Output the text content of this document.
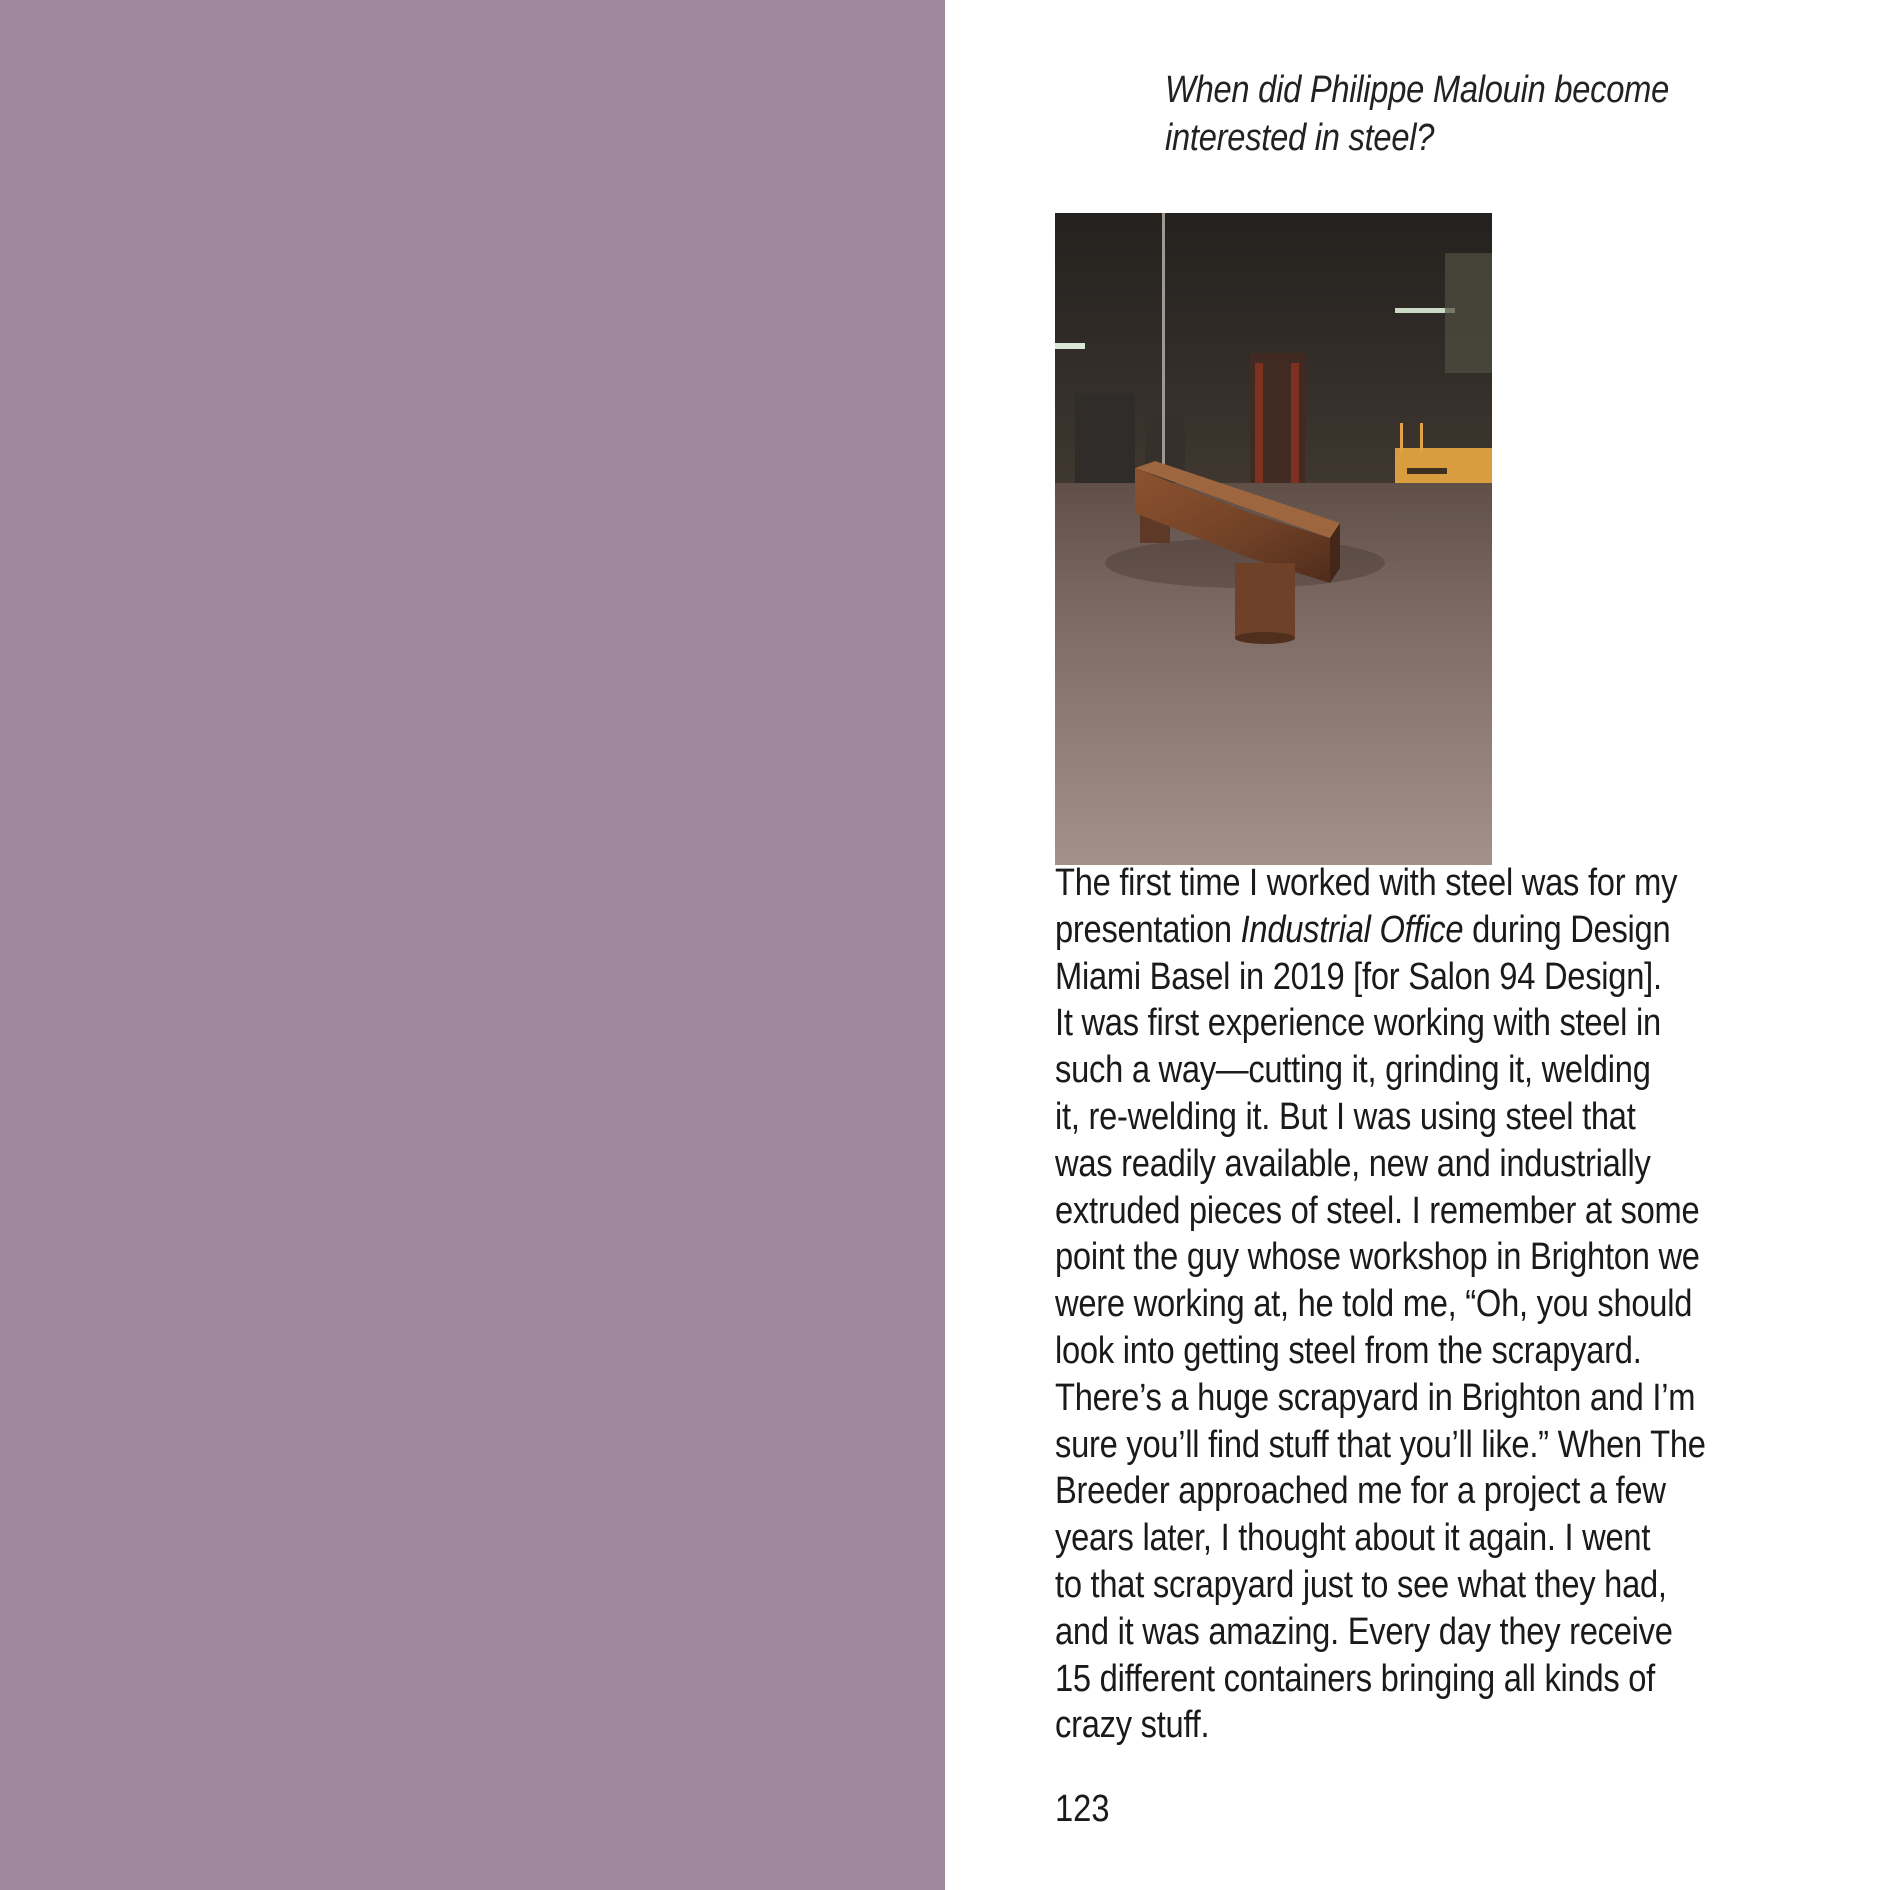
When did Philippe Malouin become
interested in steel?
The first time I worked with steel was for my
presentation Industrial Office during Design
Miami Basel in 2019 [for Salon 94 Design].
It was first experience working with steel in
such a way—cutting it, grinding it, welding
it, re-welding it. But I was using steel that
was readily available, new and industrially
extruded pieces of steel. I remember at some
point the guy whose workshop in Brighton we
were working at, he told me, “Oh, you should
look into getting steel from the scrapyard.
There’s a huge scrapyard in Brighton and I’m
sure you’ll find stuff that you’ll like.” When The
Breeder approached me for a project a few
years later, I thought about it again. I went
to that scrapyard just to see what they had,
and it was amazing. Every day they receive
15 different containers bringing all kinds of
crazy stuff.
123
